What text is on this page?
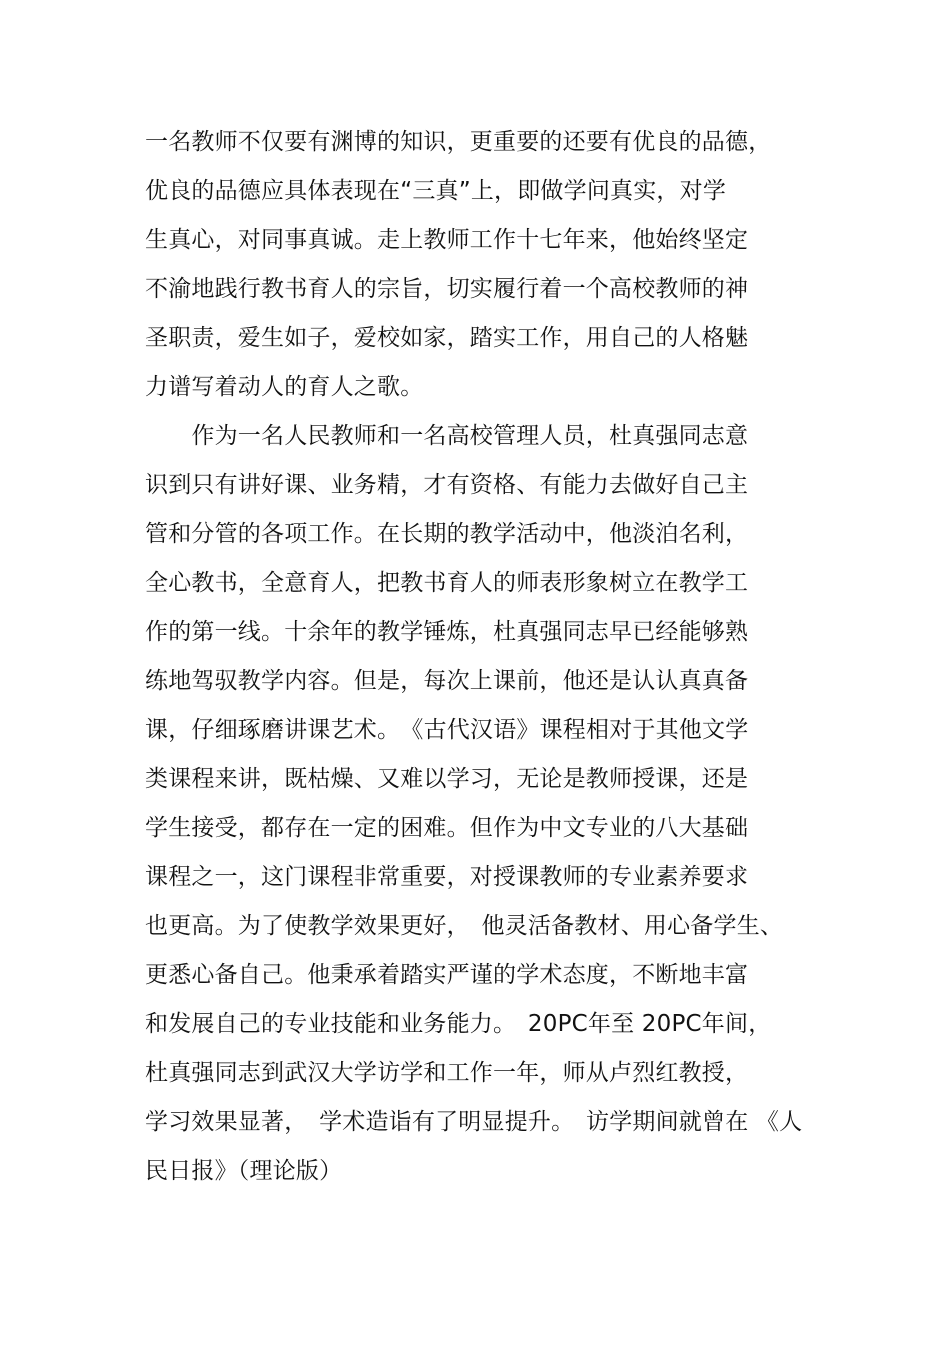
一名教师不仅要有渊博的知识，更重要的还要有优良的品德，
优良的品德应具体表现在“三真”上，即做学问真实，对学
生真心，对同事真诚。走上教师工作十七年来，他始终坚定
不渝地践行教书育人的宗旨，切实履行着一个高校教师的神
圣职责，爱生如子，爱校如家，踏实工作，用自己的人格魅
力谱写着动人的育人之歌。
　　作为一名人民教师和一名高校管理人员，杜真强同志意
识到只有讲好课、业务精，才有资格、有能力去做好自己主
管和分管的各项工作。在长期的教学活动中，他淡泊名利，
全心教书，全意育人，把教书育人的师表形象树立在教学工
作的第一线。十余年的教学锤炼，杜真强同志早已经能够熟
练地驾驭教学内容。但是，每次上课前，他还是认认真真备
课，仔细琢磨讲课艺术。　《古代汉语》课程相对于其他文学
类课程来讲，既枯燥、又难以学习，无论是教师授课，还是
学生接受，都存在一定的困难。但作为中文专业的八大基础
课程之一，这门课程非常重要，对授课教师的专业素养要求
也更高。为了使教学效果更好，　他灵活备教材、用心备学生、
更悉心备自己。他秉承着踏实严谨的学术态度，不断地丰富
和发展自己的专业技能和业务能力。　20PC年至 20PC年间，
杜真强同志到武汉大学访学和工作一年，师从卢烈红教授，
学习效果显著，　学术造诣有了明显提升。　访学期间就曾在 《人
民日报》（理论版）
